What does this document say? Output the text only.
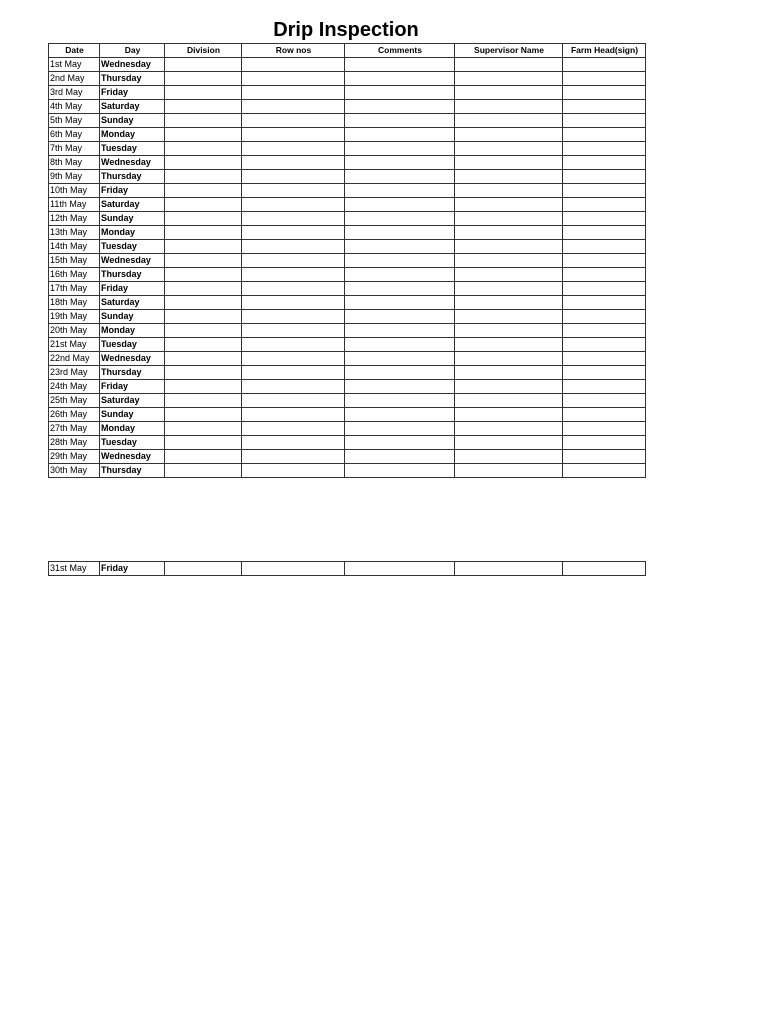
Drip Inspection
Date	Day	Division	Row nos	Comments	Supervisor Name	Farm Head(sign)
1st May	Wednesday					
2nd May	Thursday					
3rd May	Friday					
4th May	Saturday					
5th May	Sunday					
6th May	Monday					
7th May	Tuesday					
8th May	Wednesday					
9th May	Thursday					
10th May	Friday					
11th May	Saturday					
12th May	Sunday					
13th May	Monday					
14th May	Tuesday					
15th May	Wednesday					
16th May	Thursday					
17th May	Friday					
18th May	Saturday					
19th May	Sunday					
20th May	Monday					
21st May	Tuesday					
22nd May	Wednesday					
23rd May	Thursday					
24th May	Friday					
25th May	Saturday					
26th May	Sunday					
27th May	Monday					
28th May	Tuesday					
29th May	Wednesday					
30th May	Thursday					
31st May	Friday					
